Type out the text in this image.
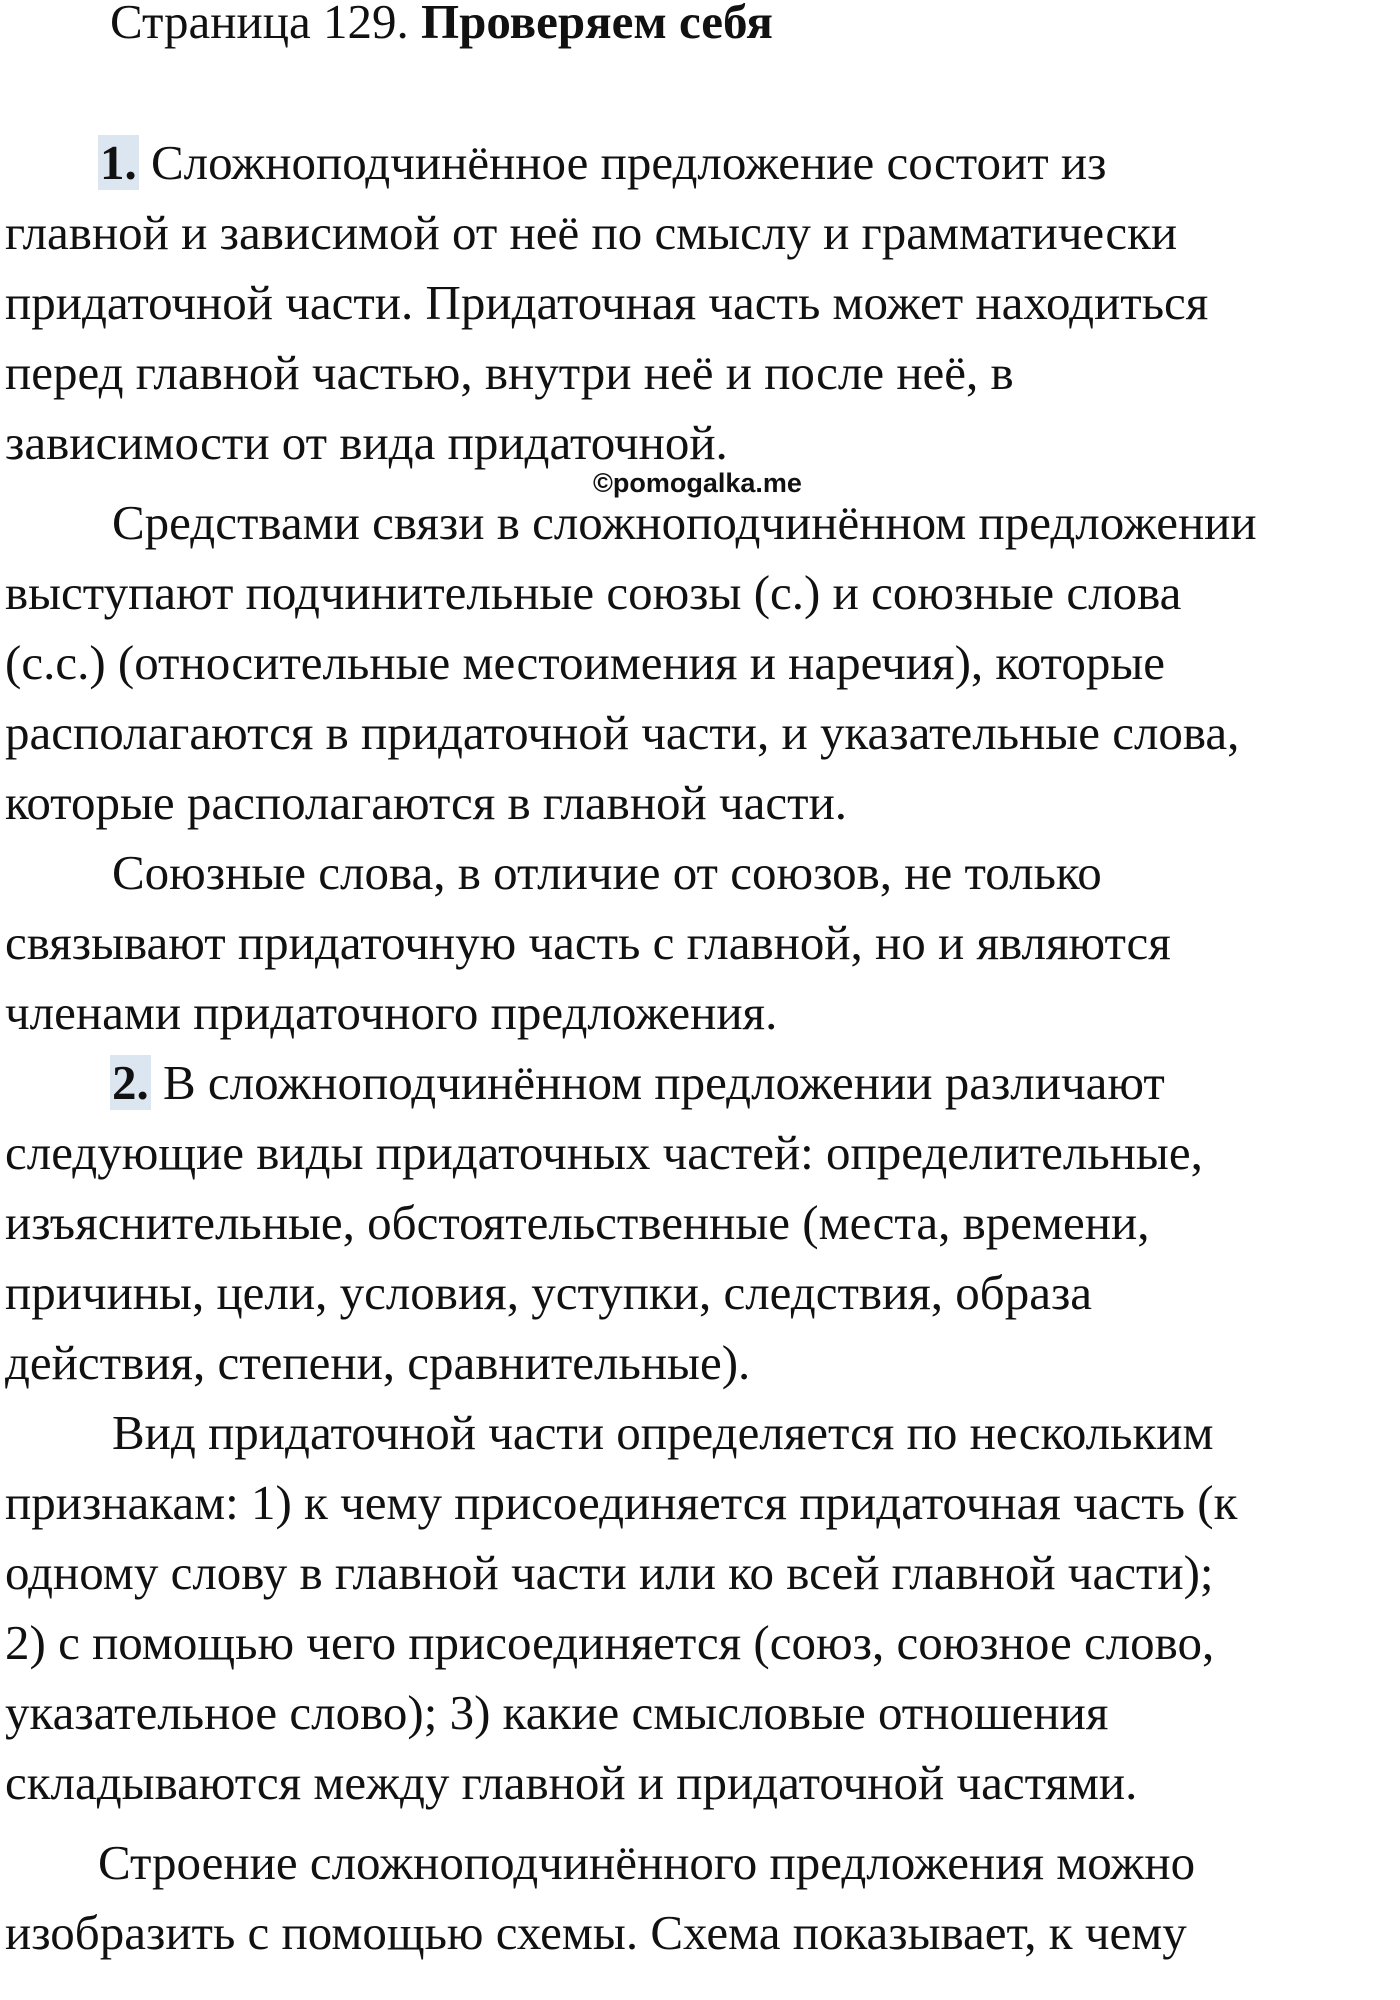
Страница 129. Проверяем себя
1. Сложноподчинённое предложение состоит из
главной и зависимой от неё по смыслу и грамматически
придаточной части. Придаточная часть может находиться
перед главной частью, внутри неё и после неё, в
зависимости от вида придаточной.
©pomogalka.me
Средствами связи в сложноподчинённом предложении
выступают подчинительные союзы (с.) и союзные слова
(с.с.) (относительные местоимения и наречия), которые
располагаются в придаточной части, и указательные слова,
которые располагаются в главной части.
Союзные слова, в отличие от союзов, не только
связывают придаточную часть с главной, но и являются
членами придаточного предложения.
2. В сложноподчинённом предложении различают
следующие виды придаточных частей: определительные,
изъяснительные, обстоятельственные (места, времени,
причины, цели, условия, уступки, следствия, образа
действия, степени, сравнительные).
Вид придаточной части определяется по нескольким
признакам: 1) к чему присоединяется придаточная часть (к
одному слову в главной части или ко всей главной части);
2) с помощью чего присоединяется (союз, союзное слово,
указательное слово); 3) какие смысловые отношения
складываются между главной и придаточной частями.
Строение сложноподчинённого предложения можно
изобразить с помощью схемы. Схема показывает, к чему
